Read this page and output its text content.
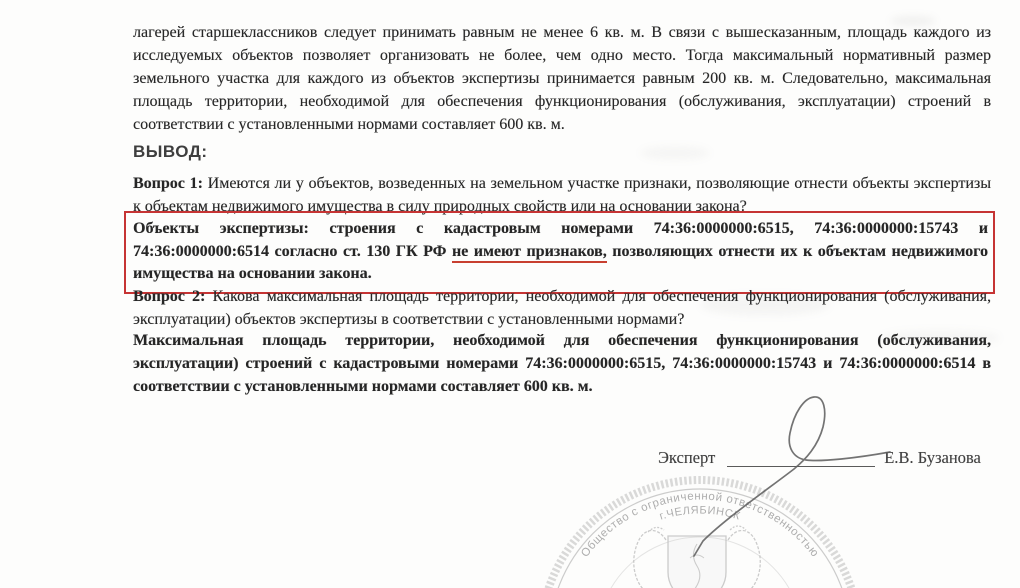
лагерей старшеклассников следует принимать равным не менее 6 кв. м. В связи с вышесказанным, площадь каждого из исследуемых объектов позволяет организовать не более, чем одно место. Тогда максимальный нормативный размер земельного участка для каждого из объектов экспертизы принимается равным 200 кв. м. Следовательно, максимальная площадь территории, необходимой для обеспечения функционирования (обслуживания, эксплуатации) строений в соответствии с установленными нормами составляет 600 кв. м.

ВЫВОД:

Вопрос 1: Имеются ли у объектов, возведенных на земельном участке признаки, позволяющие отнести объекты экспертизы к объектам недвижимого имущества в силу природных свойств или на основании закона?

Объекты экспертизы: строения с кадастровым номерами 74:36:0000000:6515, 74:36:0000000:15743 и 74:36:0000000:6514 согласно ст. 130 ГК РФ не имеют признаков, позволяющих отнести их к объектам недвижимого имущества на основании закона.

Вопрос 2: Какова максимальная площадь территории, необходимой для обеспечения функционирования (обслуживания, эксплуатации) объектов экспертизы в соответствии с установленными нормами?

Максимальная площадь территории, необходимой для обеспечения функционирования (обслуживания, эксплуатации) строений с кадастровыми номерами 74:36:0000000:6515, 74:36:0000000:15743 и 74:36:0000000:6514 в соответствии с установленными нормами составляет 600 кв. м.

Эксперт	Е.В. Бузанова
Общество с ограниченной ответственностью
г.ЧЕЛЯБИНСК
